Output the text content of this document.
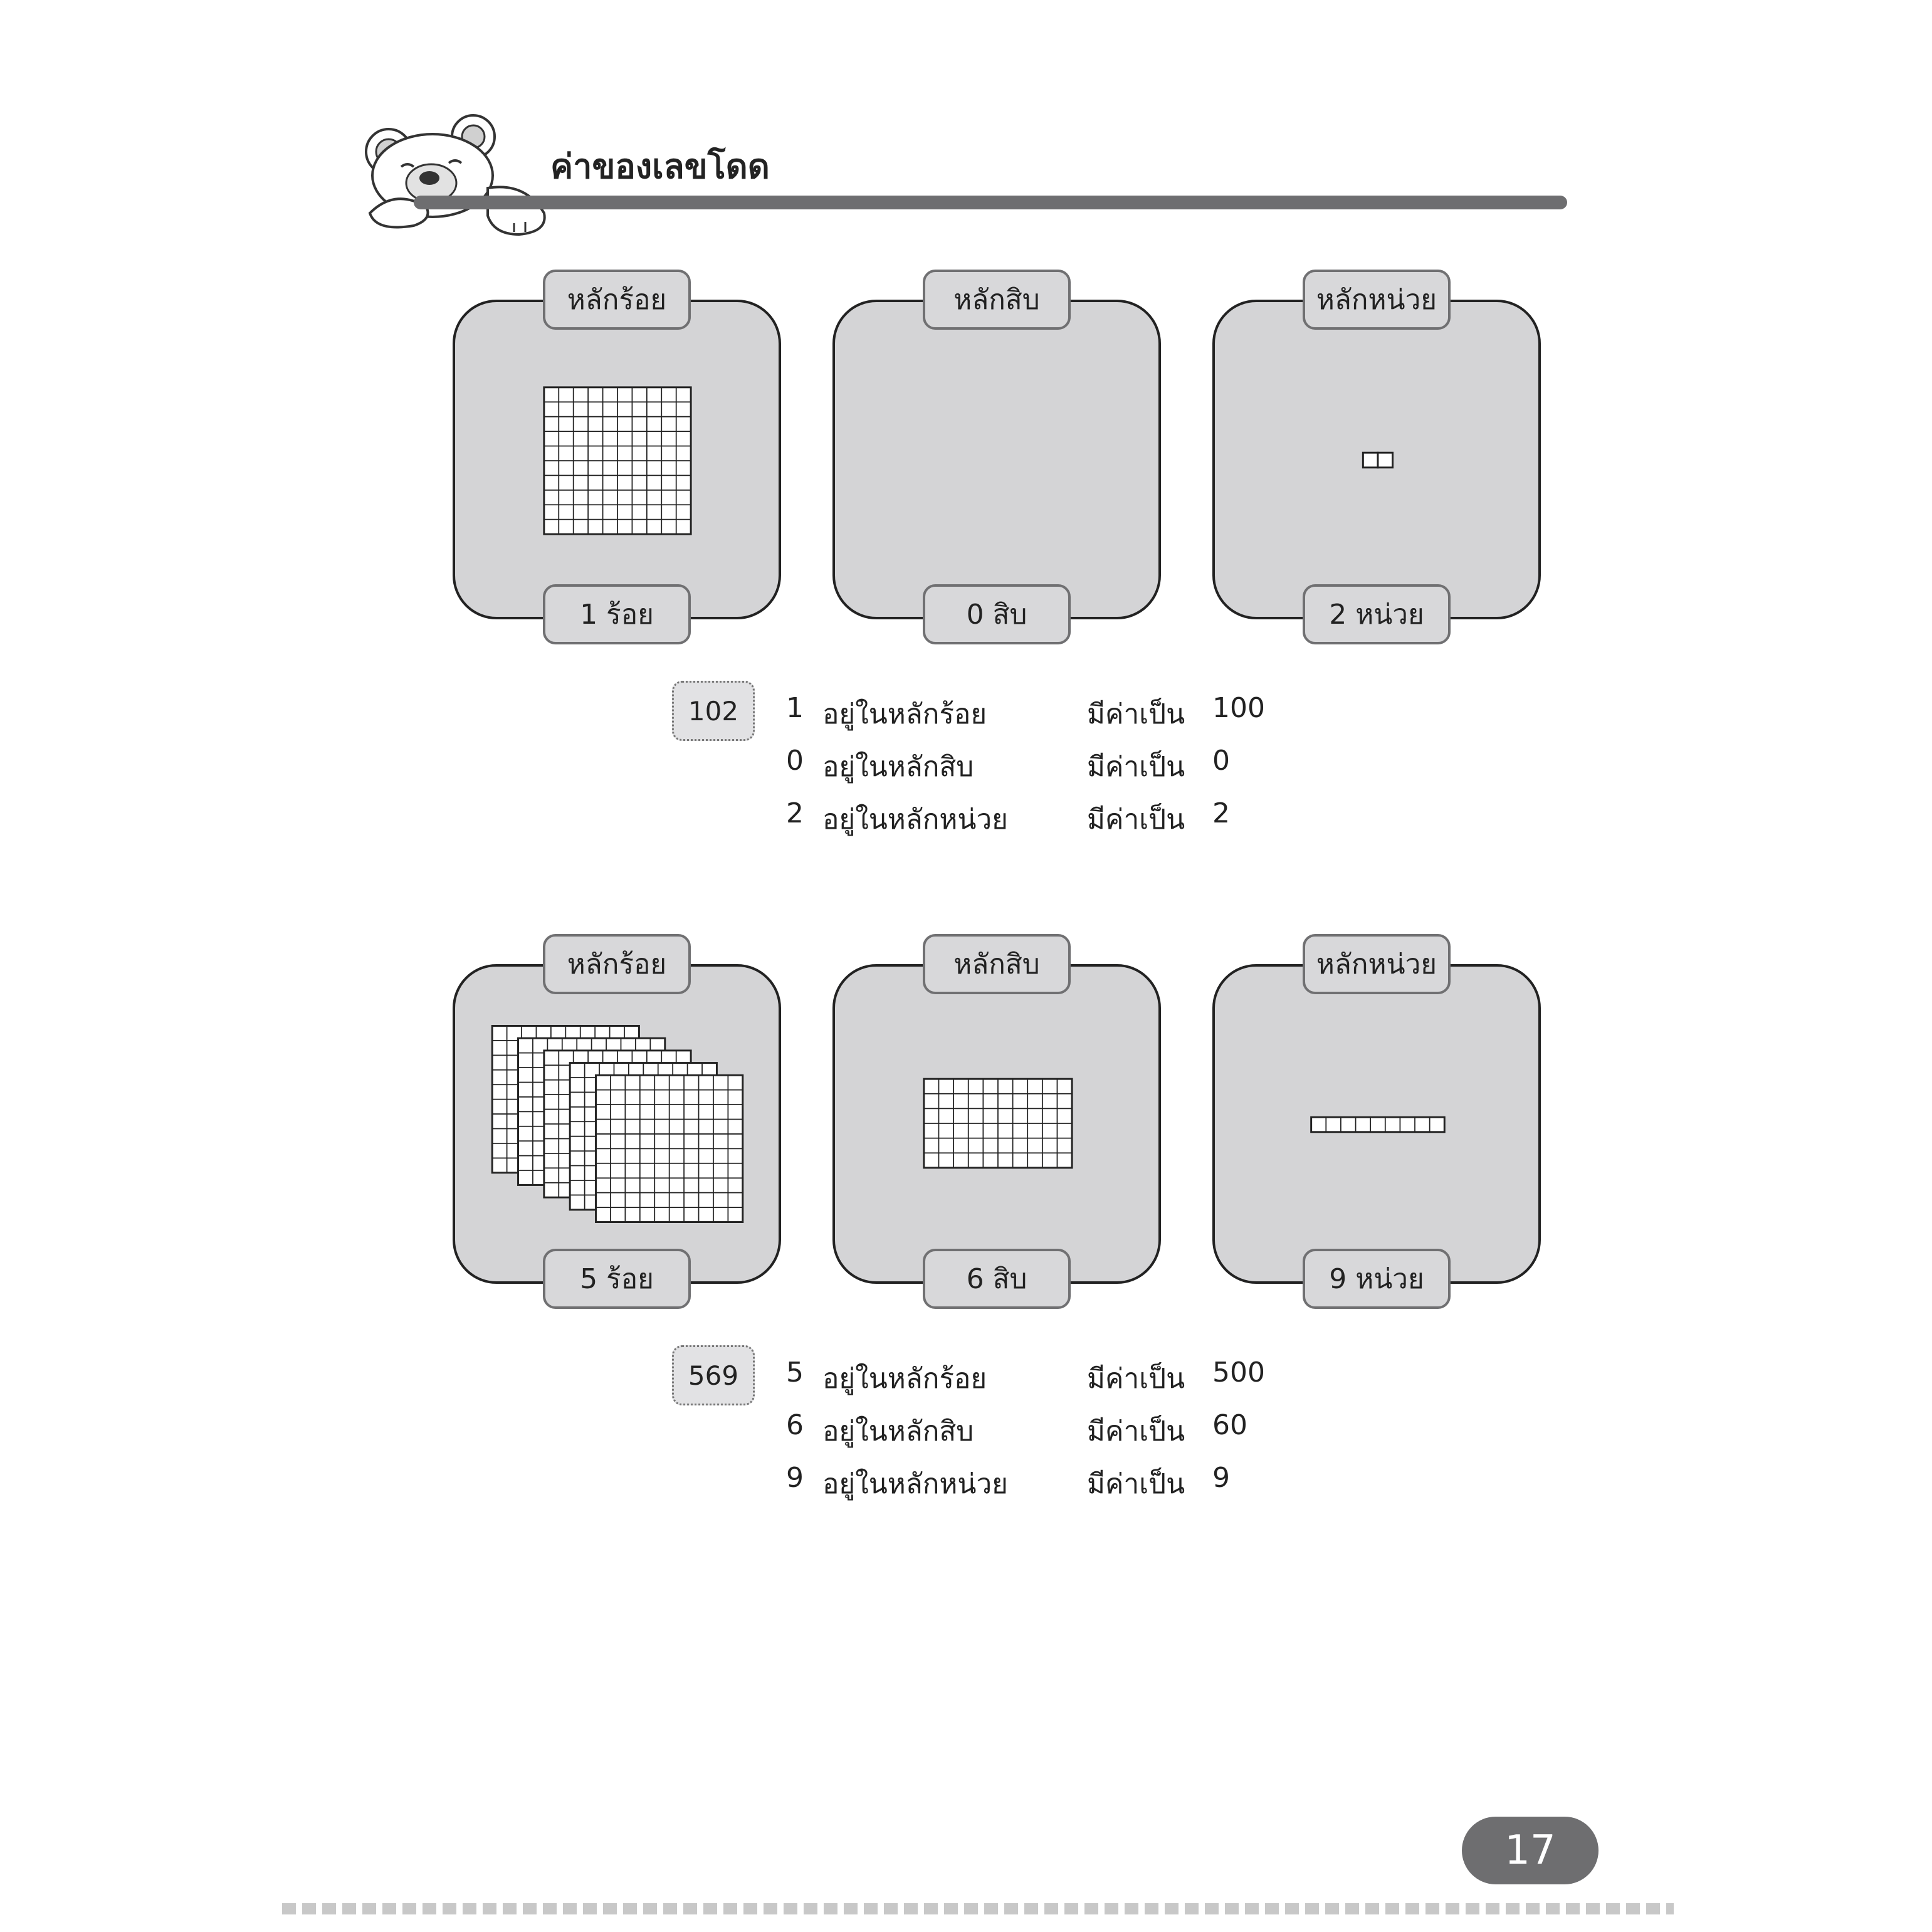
ค่าของเลขโดด
หลักร้อย
1 ร้อย
หลักสิบ
0 สิบ
หลักหน่วย
2 หน่วย
102	1 อยู่ในหลักร้อย	มีค่าเป็น 100
0 อยู่ในหลักสิบ	มีค่าเป็น 0
2 อยู่ในหลักหน่วย	มีค่าเป็น 2
หลักร้อย
5 ร้อย
หลักสิบ
6 สิบ
หลักหน่วย
9 หน่วย
569	5 อยู่ในหลักร้อย	มีค่าเป็น 500
6 อยู่ในหลักสิบ	มีค่าเป็น 60
9 อยู่ในหลักหน่วย	มีค่าเป็น 9
17
